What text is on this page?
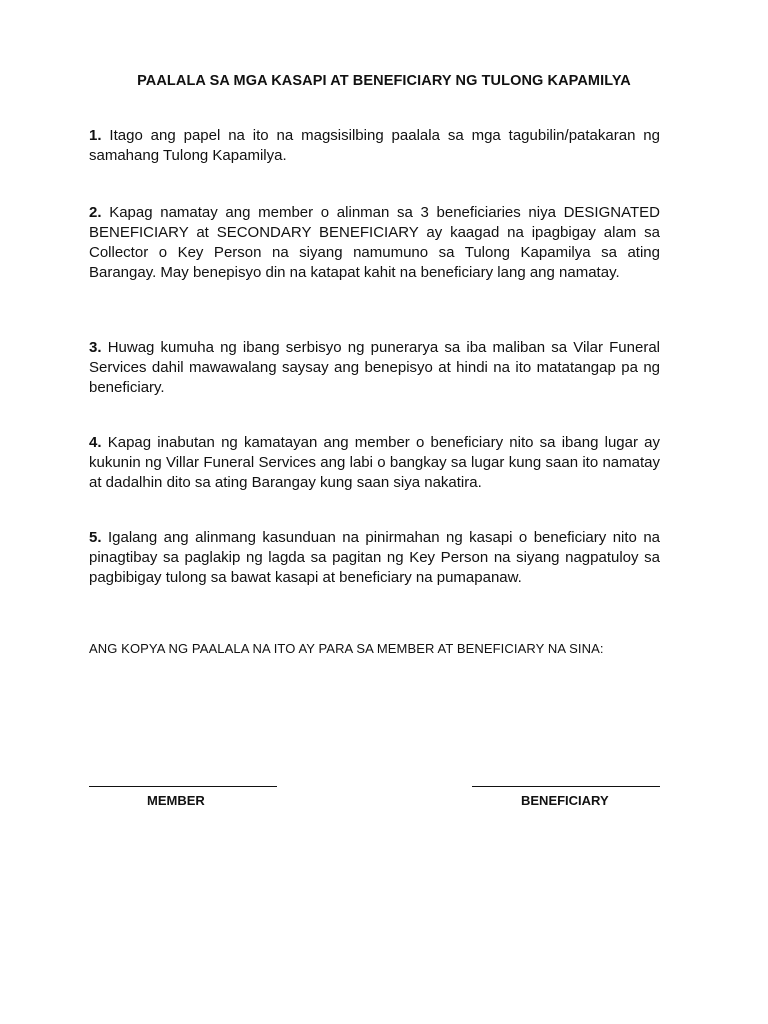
PAALALA SA MGA KASAPI AT BENEFICIARY NG TULONG KAPAMILYA
1. Itago ang papel na ito na magsisilbing paalala sa mga tagubilin/patakaran ng samahang Tulong Kapamilya.
2. Kapag namatay ang member o alinman sa 3 beneficiaries niya DESIGNATED BENEFICIARY at SECONDARY BENEFICIARY ay kaagad na ipagbigay alam sa Collector o Key Person na siyang namumuno sa Tulong Kapamilya sa ating Barangay. May benepisyo din na katapat kahit na beneficiary lang ang namatay.
3. Huwag kumuha ng ibang serbisyo ng punerarya sa iba maliban sa Vilar Funeral Services dahil mawawalang saysay ang benepisyo at hindi na ito matatangap pa ng beneficiary.
4. Kapag inabutan ng kamatayan ang member o beneficiary nito sa ibang lugar ay kukunin ng Villar Funeral Services ang labi o bangkay sa lugar kung saan ito namatay at dadalhin dito sa ating Barangay kung saan siya nakatira.
5. Igalang ang alinmang kasunduan na pinirmahan ng kasapi o beneficiary nito na pinagtibay sa paglakip ng lagda sa pagitan ng Key Person na siyang nagpatuloy sa pagbibigay tulong sa bawat kasapi at beneficiary na pumapanaw.
ANG KOPYA NG PAALALA NA ITO AY PARA SA MEMBER AT BENEFICIARY NA SINA:
MEMBER	BENEFICIARY
